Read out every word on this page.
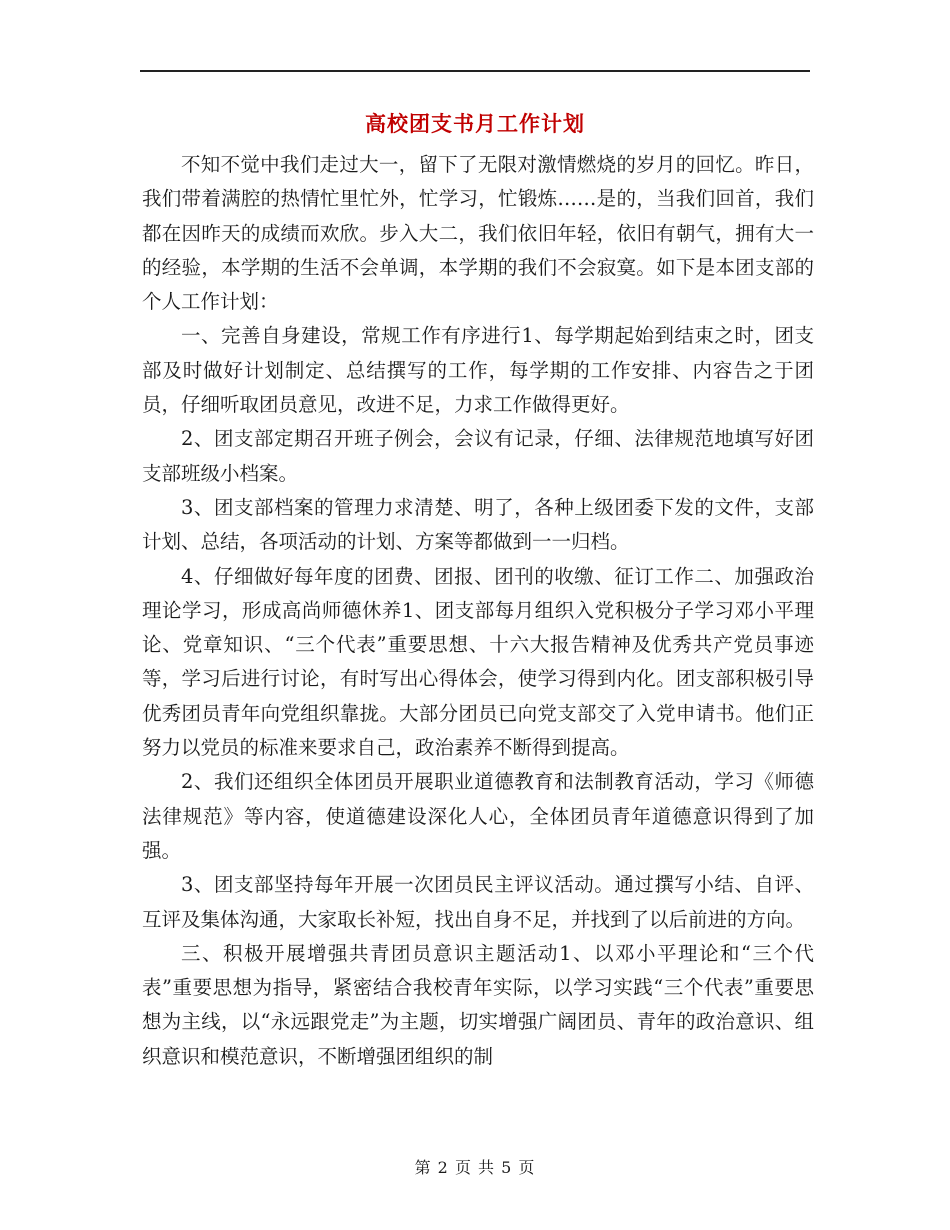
高校团支书月工作计划

不知不觉中我们走过大一，留下了无限对激情燃烧的岁月的回忆。昨日，我们带着满腔的热情忙里忙外，忙学习，忙锻炼……是的，当我们回首，我们都在因昨天的成绩而欢欣。步入大二，我们依旧年轻，依旧有朝气，拥有大一的经验，本学期的生活不会单调，本学期的我们不会寂寞。如下是本团支部的个人工作计划：

一、完善自身建设，常规工作有序进行1、每学期起始到结束之时，团支部及时做好计划制定、总结撰写的工作，每学期的工作安排、内容告之于团员，仔细听取团员意见，改进不足，力求工作做得更好。

2、团支部定期召开班子例会，会议有记录，仔细、法律规范地填写好团支部班级小档案。

3、团支部档案的管理力求清楚、明了，各种上级团委下发的文件，支部计划、总结，各项活动的计划、方案等都做到一一归档。

4、仔细做好每年度的团费、团报、团刊的收缴、征订工作二、加强政治理论学习，形成高尚师德休养1、团支部每月组织入党积极分子学习邓小平理论、党章知识、“三个代表”重要思想、十六大报告精神及优秀共产党员事迹等，学习后进行讨论，有时写出心得体会，使学习得到内化。团支部积极引导优秀团员青年向党组织靠拢。大部分团员已向党支部交了入党申请书。他们正努力以党员的标准来要求自己，政治素养不断得到提高。

2、我们还组织全体团员开展职业道德教育和法制教育活动，学习《师德法律规范》等内容，使道德建设深化人心，全体团员青年道德意识得到了加强。

3、团支部坚持每年开展一次团员民主评议活动。通过撰写小结、自评、互评及集体沟通，大家取长补短，找出自身不足，并找到了以后前进的方向。

三、积极开展增强共青团员意识主题活动1、以邓小平理论和“三个代表”重要思想为指导，紧密结合我校青年实际，以学习实践“三个代表”重要思想为主线，以“永远跟党走”为主题，切实增强广阔团员、青年的政治意识、组织意识和模范意识，不断增强团组织的制

第 2 页 共 5 页
